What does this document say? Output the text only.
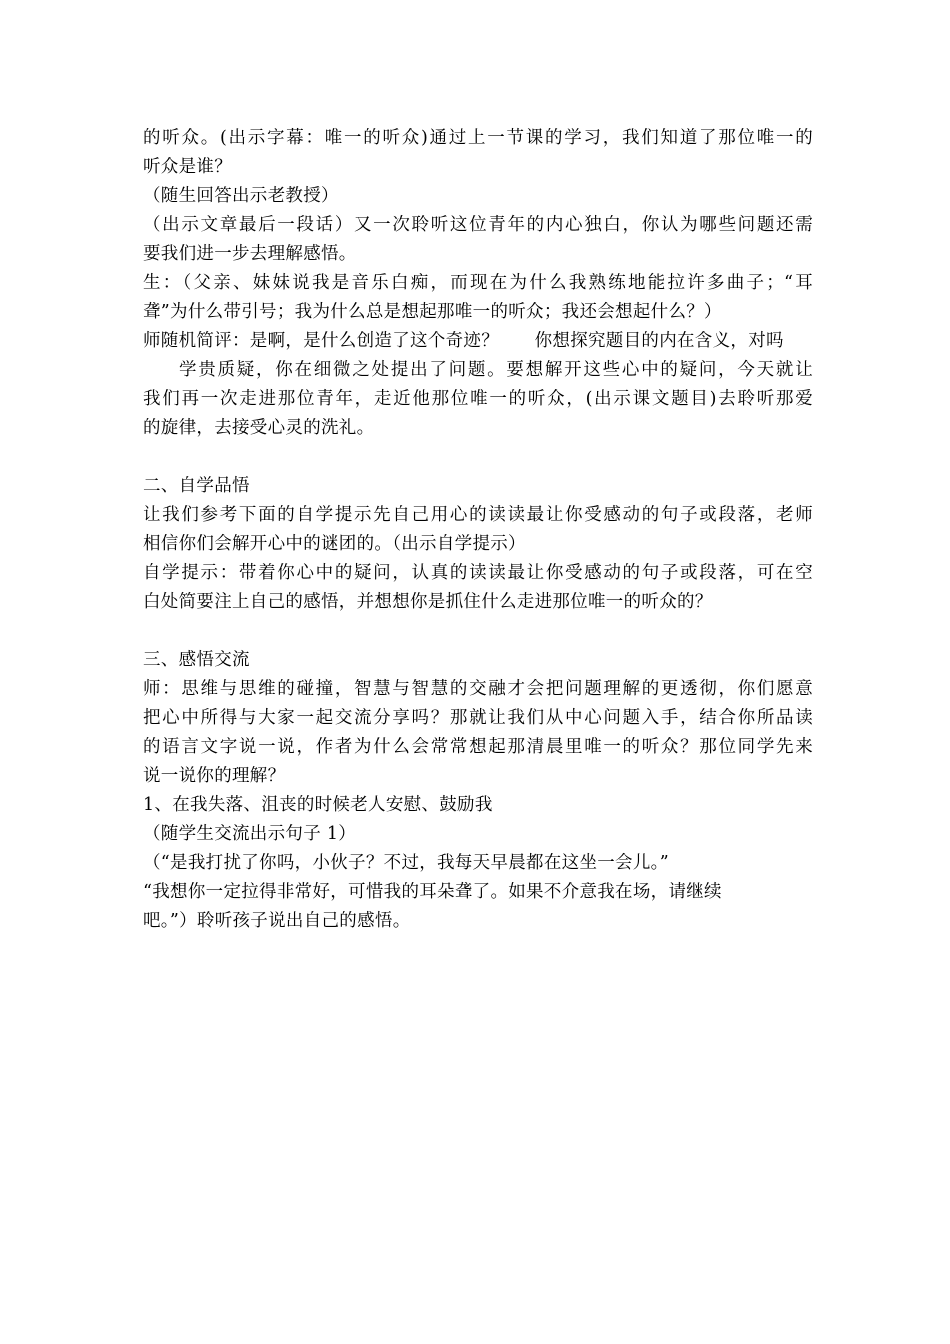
的听众。(出示字幕：唯一的听众)通过上一节课的学习，我们知道了那位唯一的
听众是谁？
（随生回答出示老教授）
（出示文章最后一段话）又一次聆听这位青年的内心独白，你认为哪些问题还需
要我们进一步去理解感悟。
生：（父亲、妹妹说我是音乐白痴，而现在为什么我熟练地能拉许多曲子；“耳
聋”为什么带引号；我为什么总是想起那唯一的听众；我还会想起什么？）
师随机简评：是啊，是什么创造了这个奇迹？　　你想探究题目的内在含义，对吗
学贵质疑，你在细微之处提出了问题。要想解开这些心中的疑问，今天就让
我们再一次走进那位青年，走近他那位唯一的听众，(出示课文题目)去聆听那爱
的旋律，去接受心灵的洗礼。
二、自学品悟
让我们参考下面的自学提示先自己用心的读读最让你受感动的句子或段落，老师
相信你们会解开心中的谜团的。（出示自学提示）
自学提示：带着你心中的疑问，认真的读读最让你受感动的句子或段落，可在空
白处简要注上自己的感悟，并想想你是抓住什么走进那位唯一的听众的？
三、感悟交流
师：思维与思维的碰撞，智慧与智慧的交融才会把问题理解的更透彻，你们愿意
把心中所得与大家一起交流分享吗？那就让我们从中心问题入手，结合你所品读
的语言文字说一说，作者为什么会常常想起那清晨里唯一的听众？那位同学先来
说一说你的理解？
1、在我失落、沮丧的时候老人安慰、鼓励我
（随学生交流出示句子 1）
（“是我打扰了你吗，小伙子？不过，我每天早晨都在这坐一会儿。”
“我想你一定拉得非常好，可惜我的耳朵聋了。如果不介意我在场，请继续
吧。”）聆听孩子说出自己的感悟。
